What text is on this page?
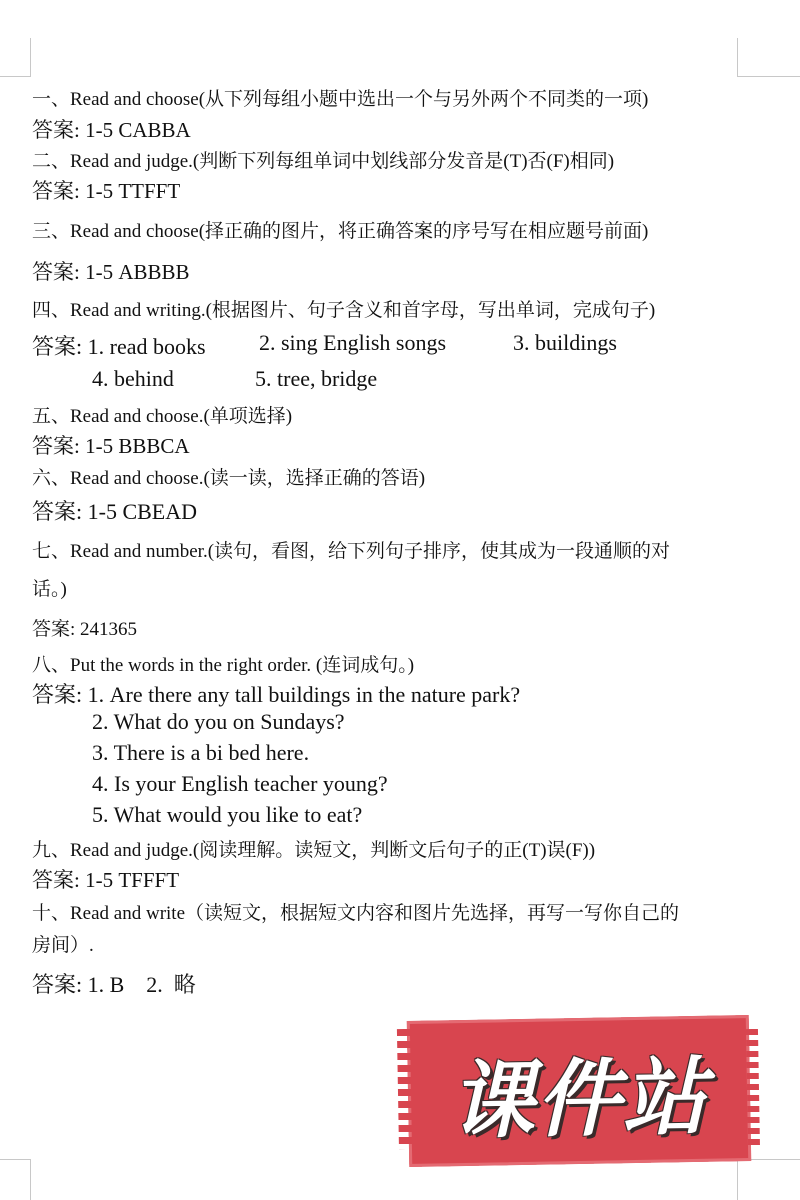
一、Read and choose(从下列每组小题中选出一个与另外两个不同类的一项)
答案: 1-5 CABBA
二、Read and judge.(判断下列每组单词中划线部分发音是(T)否(F)相同)
答案: 1-5 TTFFT
三、Read and choose(择正确的图片，将正确答案的序号写在相应题号前面)
答案: 1-5 ABBBB
四、Read and writing.(根据图片、句子含义和首字母，写出单词，完成句子)
答案: 1. read books 2. sing English songs	3. buildings
4. behind	5. tree, bridge
五、Read and choose.(单项选择)
答案: 1-5 BBBCA
六、Read and choose.(读一读，选择正确的答语)
答案: 1-5 CBEAD
七、Read and number.(读句，看图，给下列句子排序，使其成为一段通顺的对
话。)
答案: 241365
八、Put the words in the right order. (连词成句。)
答案: 1. Are there any tall buildings in the nature park?
2. What do you on Sundays?
3. There is a bi bed here.
4. Is your English teacher young?
5. What would you like to eat?
九、Read and judge.(阅读理解。读短文，判断文后句子的正(T)误(F))
答案: 1-5 TFFFT
十、Read and write（读短文，根据短文内容和图片先选择，再写一写你自己的
房间）.
答案: 1. B    2.  略
课件站
